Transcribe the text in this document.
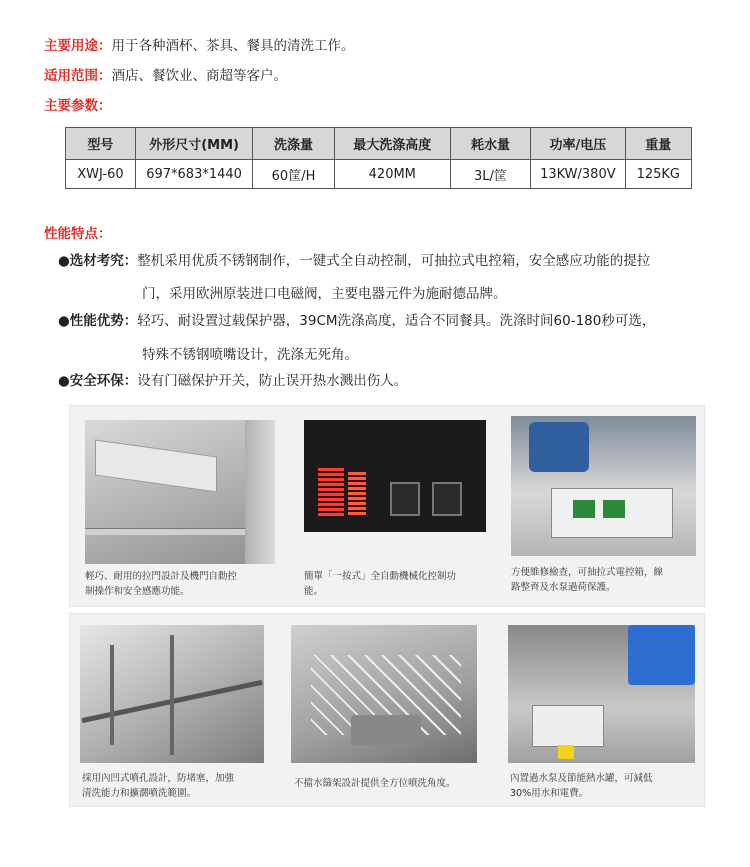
主要用途：用于各种酒杯、茶具、餐具的清洗工作。
适用范围：酒店、餐饮业、商超等客户。
主要参数：
型号	外形尺寸(MM)	洗涤量	最大洗涤高度	耗水量	功率/电压	重量
XWJ-60	697*683*1440	60筐/H	420MM	3L/筐	13KW/380V	125KG
性能特点：
●选材考究：整机采用优质不锈钢制作，一键式全自动控制，可抽拉式电控箱，安全感应功能的提拉
门，采用欧洲原装进口电磁阀，主要电器元件为施耐德品牌。
●性能优势：轻巧、耐设置过载保护器，39CM洗涤高度，适合不同餐具。洗涤时间60-180秒可选，
特殊不锈钢喷嘴设计，洗涤无死角。
●安全环保：设有门磁保护开关，防止误开热水溅出伤人。
輕巧、耐用的拉門設計及機門自動控
制操作和安全感應功能。
簡單「一按式」全自動機械化控制功
能。
方便維修檢查，可抽拉式電控箱，線
路整齊及水泵過荷保護。
採用內凹式噴孔設計，防堵塞，加強
清洗能力和擴濶噴洗範圍。
不擋水篩架設計提供全方位噴洗角度。	內置過水泵及節能熱水罐，可減低
30%用水和電費。
